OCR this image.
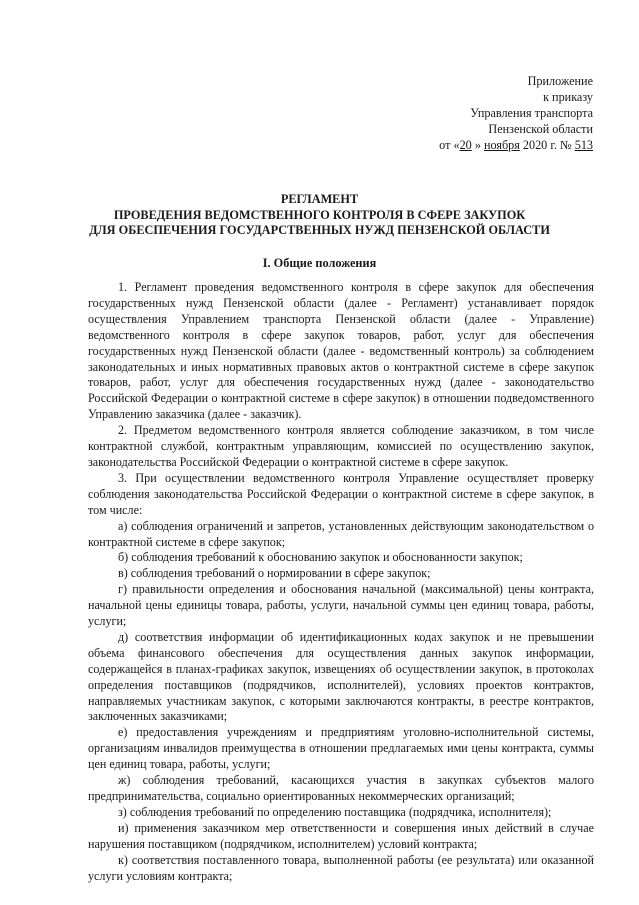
Приложение
к приказу
Управления транспорта
Пензенской области
от «20 » ноября 2020 г. № 513
РЕГЛАМЕНТ
ПРОВЕДЕНИЯ ВЕДОМСТВЕННОГО КОНТРОЛЯ В СФЕРЕ ЗАКУПОК
ДЛЯ ОБЕСПЕЧЕНИЯ ГОСУДАРСТВЕННЫХ НУЖД ПЕНЗЕНСКОЙ ОБЛАСТИ
I. Общие положения

1. Регламент проведения ведомственного контроля в сфере закупок для обеспечения государственных нужд Пензенской области (далее - Регламент) устанавливает порядок осуществления Управлением транспорта Пензенской области (далее - Управление) ведомственного контроля в сфере закупок товаров, работ, услуг для обеспечения государственных нужд Пензенской области (далее - ведомственный контроль) за соблюдением законодательных и иных нормативных правовых актов о контрактной системе в сфере закупок товаров, работ, услуг для обеспечения государственных нужд (далее - законодательство Российской Федерации о контрактной системе в сфере закупок) в отношении подведомственного Управлению заказчика (далее - заказчик).

2. Предметом ведомственного контроля является соблюдение заказчиком, в том числе контрактной службой, контрактным управляющим, комиссией по осуществлению закупок, законодательства Российской Федерации о контрактной системе в сфере закупок.

3. При осуществлении ведомственного контроля Управление осуществляет проверку соблюдения законодательства Российской Федерации о контрактной системе в сфере закупок, в том числе:

а) соблюдения ограничений и запретов, установленных действующим законодательством о контрактной системе в сфере закупок;

б) соблюдения требований к обоснованию закупок и обоснованности закупок;

в) соблюдения требований о нормировании в сфере закупок;

г) правильности определения и обоснования начальной (максимальной) цены контракта, начальной цены единицы товара, работы, услуги, начальной суммы цен единиц товара, работы, услуги;

д) соответствия информации об идентификационных кодах закупок и не превышении объема финансового обеспечения для осуществления данных закупок информации, содержащейся в планах-графиках закупок, извещениях об осуществлении закупок, в протоколах определения поставщиков (подрядчиков, исполнителей), условиях проектов контрактов, направляемых участникам закупок, с которыми заключаются контракты, в реестре контрактов, заключенных заказчиками;

е) предоставления учреждениям и предприятиям уголовно-исполнительной системы, организациям инвалидов преимущества в отношении предлагаемых ими цены контракта, суммы цен единиц товара, работы, услуги;

ж) соблюдения требований, касающихся участия в закупках субъектов малого предпринимательства, социально ориентированных некоммерческих организаций;

з) соблюдения требований по определению поставщика (подрядчика, исполнителя);

и) применения заказчиком мер ответственности и совершения иных действий в случае нарушения поставщиком (подрядчиком, исполнителем) условий контракта;

к) соответствия поставленного товара, выполненной работы (ее результата) или оказанной услуги условиям контракта;
